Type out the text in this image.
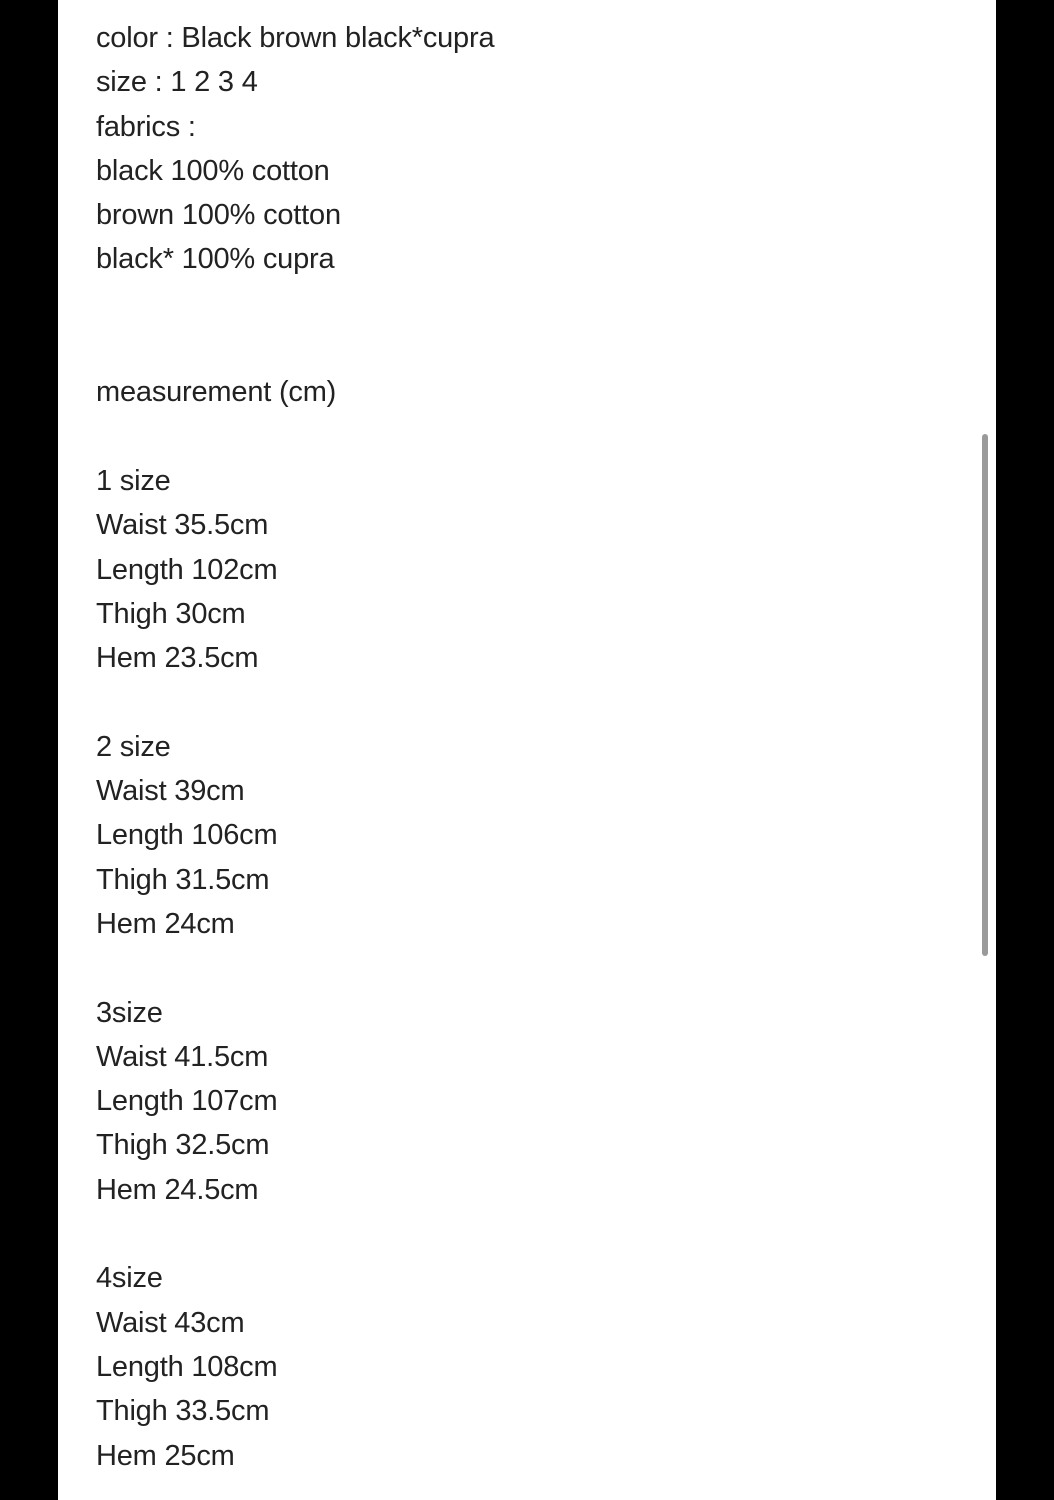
color : Black brown black*cupra
size : 1 2 3 4
fabrics :
black 100% cotton
brown 100% cotton
black* 100% cupra
measurement (cm)
1 size
Waist 35.5cm
Length 102cm
Thigh 30cm
Hem 23.5cm
2 size
Waist 39cm
Length 106cm
Thigh 31.5cm
Hem 24cm
3size
Waist 41.5cm
Length 107cm
Thigh 32.5cm
Hem 24.5cm
4size
Waist 43cm
Length 108cm
Thigh 33.5cm
Hem 25cm
